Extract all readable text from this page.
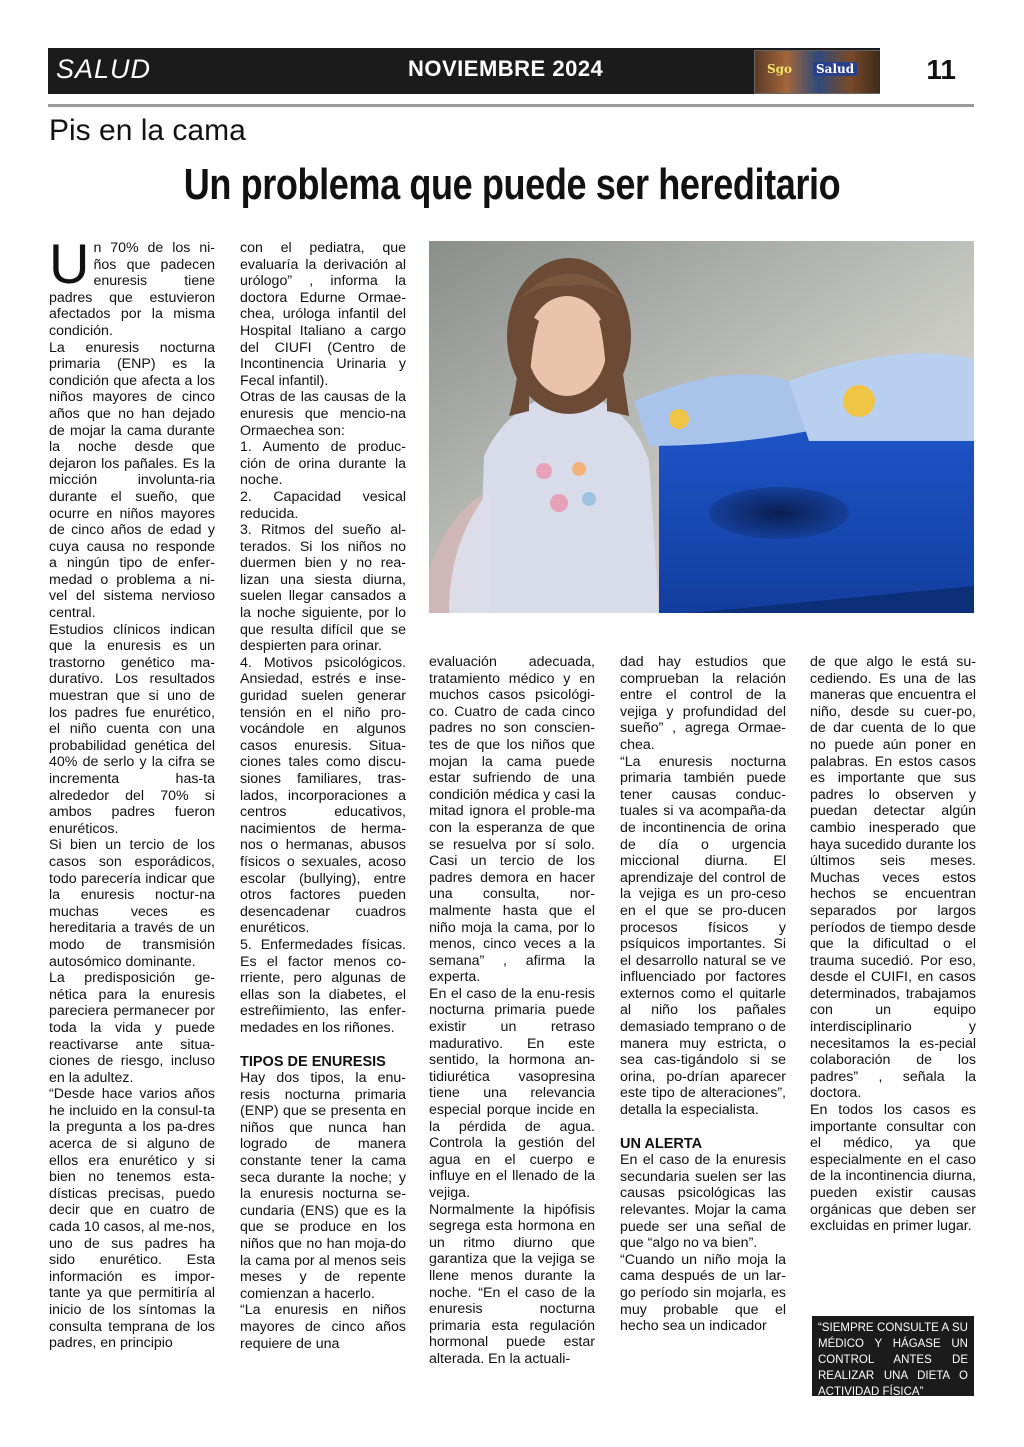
SALUD	NOVIEMBRE 2024	Sgo Salud	11
Pis en la cama
Un problema que puede ser hereditario
U n 70% de los ni-ños que padecen enuresis tiene padres que estuvieron afectados por la misma condición.

La enuresis nocturna primaria (ENP) es la condición que afecta a los niños mayores de cinco años que no han dejado de mojar la cama durante la noche desde que dejaron los pañales. Es la micción involunta-ria durante el sueño, que ocurre en niños mayores de cinco años de edad y cuya causa no responde a ningún tipo de enfer-medad o problema a ni-vel del sistema nervioso central.

Estudios clínicos indican que la enuresis es un trastorno genético ma-durativo. Los resultados muestran que si uno de los padres fue enurético, el niño cuenta con una probabilidad genética del 40% de serlo y la cifra se incrementa has-ta alrededor del 70% si ambos padres fueron enuréticos.

Si bien un tercio de los casos son esporádicos, todo parecería indicar que la enuresis noctur-na muchas veces es hereditaria a través de un modo de transmisión autosómico dominante.

La predisposición ge-nética para la enuresis pareciera permanecer por toda la vida y puede reactivarse ante situa-ciones de riesgo, incluso en la adultez.

“Desde hace varios años he incluido en la consul-ta la pregunta a los pa-dres acerca de si alguno de ellos era enurético y si bien no tenemos esta-dísticas precisas, puedo decir que en cuatro de cada 10 casos, al me-nos, uno de sus padres ha sido enurético. Esta información es impor-tante ya que permitiría al inicio de los síntomas la consulta temprana de los padres, en principio

con el pediatra, que evaluaría la derivación al urólogo” , informa la doctora Edurne Ormae-chea, uróloga infantil del Hospital Italiano a cargo del CIUFI (Centro de Incontinencia Urinaria y Fecal infantil).

Otras de las causas de la enuresis que mencio-na Ormaechea son:

1. Aumento de produc-ción de orina durante la noche.

2. Capacidad vesical reducida.

3. Ritmos del sueño al-terados. Si los niños no duermen bien y no rea-lizan una siesta diurna, suelen llegar cansados a la noche siguiente, por lo que resulta difícil que se despierten para orinar.

4. Motivos psicológicos. Ansiedad, estrés e inse-guridad suelen generar tensión en el niño pro-vocándole en algunos casos enuresis. Situa-ciones tales como discu-siones familiares, tras-lados, incorporaciones a centros educativos, nacimientos de herma-nos o hermanas, abusos físicos o sexuales, acoso escolar (bullying), entre otros factores pueden desencadenar cuadros enuréticos.

5. Enfermedades físicas. Es el factor menos co-rriente, pero algunas de ellas son la diabetes, el estreñimiento, las enfer-medades en los riñones.

TIPOS DE ENURESIS

Hay dos tipos, la enu-resis nocturna primaria (ENP) que se presenta en niños que nunca han logrado de manera constante tener la cama seca durante la noche; y la enuresis nocturna se-cundaria (ENS) que es la que se produce en los niños que no han moja-do la cama por al menos seis meses y de repente comienzan a hacerlo.

“La enuresis en niños mayores de cinco años requiere de una

evaluación adecuada, tratamiento médico y en muchos casos psicológi-co. Cuatro de cada cinco padres no son conscien-tes de que los niños que mojan la cama puede estar sufriendo de una condición médica y casi la mitad ignora el proble-ma con la esperanza de que se resuelva por sí solo. Casi un tercio de los padres demora en hacer una consulta, nor-malmente hasta que el niño moja la cama, por lo menos, cinco veces a la semana” , afirma la experta.

En el caso de la enu-resis nocturna primaria puede existir un retraso madurativo. En este sentido, la hormona an-tidiurética vasopresina tiene una relevancia especial porque incide en la pérdida de agua. Controla la gestión del agua en el cuerpo e influye en el llenado de la vejiga.

Normalmente la hipófisis segrega esta hormona en un ritmo diurno que garantiza que la vejiga se llene menos durante la noche. “En el caso de la enuresis nocturna primaria esta regulación hormonal puede estar alterada. En la actuali-

dad hay estudios que comprueban la relación entre el control de la vejiga y profundidad del sueño” , agrega Ormae-chea.

“La enuresis nocturna primaria también puede tener causas conduc-tuales si va acompaña-da de incontinencia de orina de día o urgencia miccional diurna. El aprendizaje del control de la vejiga es un pro-ceso en el que se pro-ducen procesos físicos y psíquicos importantes. Si el desarrollo natural se ve influenciado por factores externos como el quitarle al niño los pañales demasiado temprano o de manera muy estricta, o sea cas-tigándolo si se orina, po-drían aparecer este tipo de alteraciones”, detalla la especialista.

UN ALERTA

En el caso de la enuresis secundaria suelen ser las causas psicológicas las relevantes. Mojar la cama puede ser una señal de que “algo no va bien”.

“Cuando un niño moja la cama después de un lar-go período sin mojarla, es muy probable que el hecho sea un indicador

de que algo le está su-cediendo. Es una de las maneras que encuentra el niño, desde su cuer-po, de dar cuenta de lo que no puede aún poner en palabras. En estos casos es importante que sus padres lo observen y puedan detectar algún cambio inesperado que haya sucedido durante los últimos seis meses. Muchas veces estos hechos se encuentran separados por largos períodos de tiempo desde que la dificultad o el trauma sucedió. Por eso, desde el CUIFI, en casos determinados, trabajamos con un equipo interdisciplinario y necesitamos la es-pecial colaboración de los padres” , señala la doctora.

En todos los casos es importante consultar con el médico, ya que especialmente en el caso de la incontinencia diurna, pueden existir causas orgánicas que deben ser excluidas en primer lugar.

“SIEMPRE CONSULTE A SU MÉDICO Y HÁGASE UN CONTROL ANTES DE REALIZAR UNA DIETA O ACTIVIDAD FÍSICA”
